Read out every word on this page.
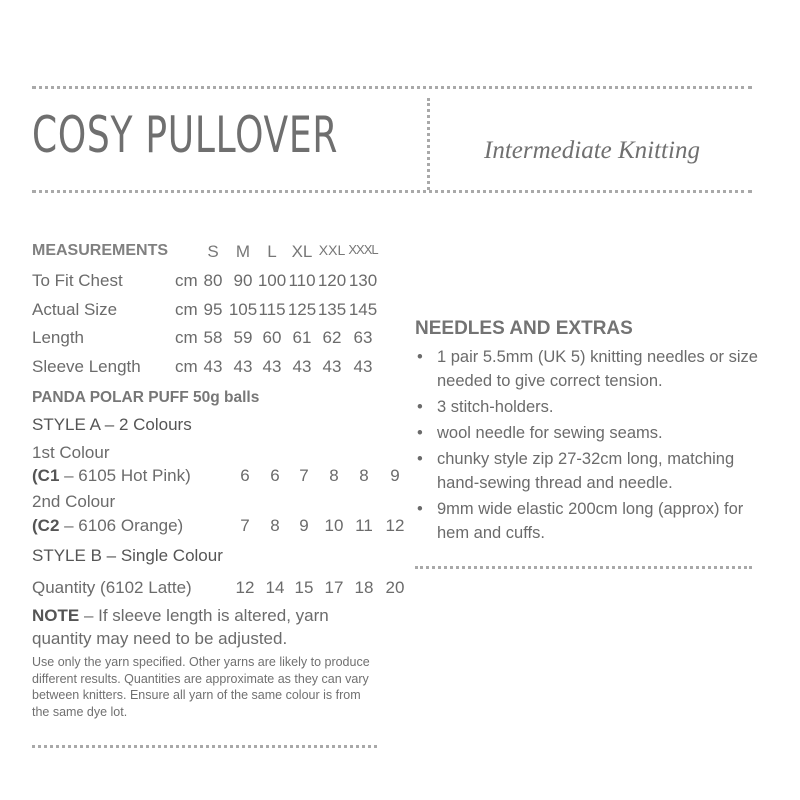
COSY PULLOVER	Intermediate Knitting
MEASUREMENTS	S	M	L XL XXL XXXL
To Fit Chest	cm 80 90 100 110 120 130
Actual Size	cm 95 105 115 125 135 145
Length	cm 58 59 60 61 62 63
Sleeve Length cm 43 43 43 43 43 43
PANDA POLAR PUFF 50g balls
STYLE A – 2 Colours
1st Colour
(C1 – 6105 Hot Pink)	6	6	7	8	8	9
2nd Colour
(C2 – 6106 Orange)	7	8	9 10 11 12
STYLE B – Single Colour
Quantity (6102 Latte)	12 14 15 17 18 20
NOTE – If sleeve length is altered, yarn quantity may need to be adjusted.
Use only the yarn specified. Other yarns are likely to produce different results. Quantities are approximate as they can vary between knitters. Ensure all yarn of the same colour is from the same dye lot.
NEEDLES AND EXTRAS
• 1 pair 5.5mm (UK 5) knitting needles or size needed to give correct tension.
• 3 stitch-holders.
• wool needle for sewing seams.
• chunky style zip 27-32cm long, matching hand-sewing thread and needle.
• 9mm wide elastic 200cm long (approx) for hem and cuffs.
